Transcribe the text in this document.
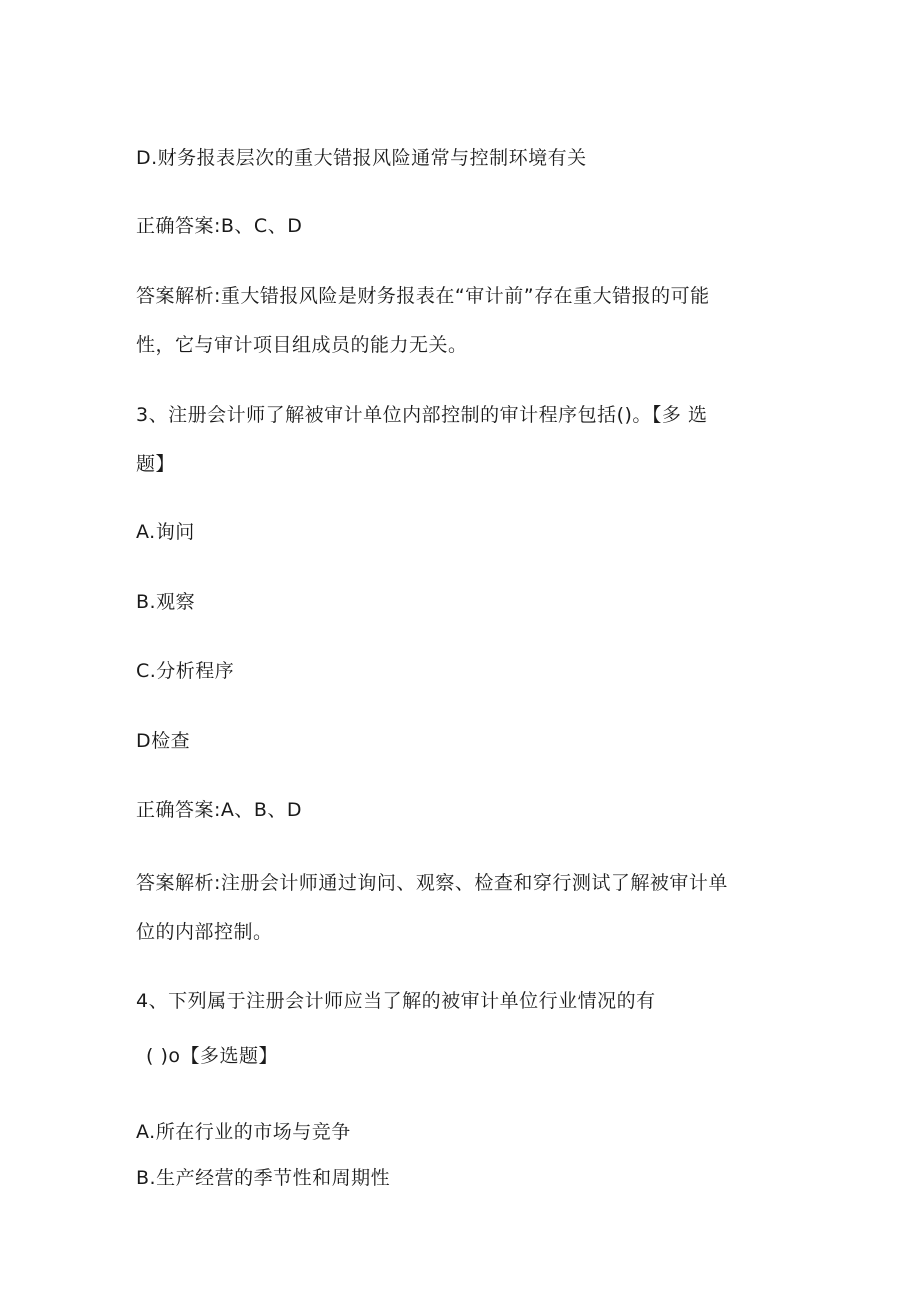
D.财务报表层次的重大错报风险通常与控制环境有关
正确答案:B、C、D
答案解析:重大错报风险是财务报表在“审计前”存在重大错报的可能
性，它与审计项目组成员的能力无关。
3、注册会计师了解被审计单位内部控制的审计程序包括()。【多 选
题】
A.询问
B.观察
C.分析程序
D检查
正确答案:A、B、D
答案解析:注册会计师通过询问、观察、检查和穿行测试了解被审计单
位的内部控制。
4、下列属于注册会计师应当了解的被审计单位行业情况的有
( )o【多选题】
A.所在行业的市场与竞争
B.生产经营的季节性和周期性
